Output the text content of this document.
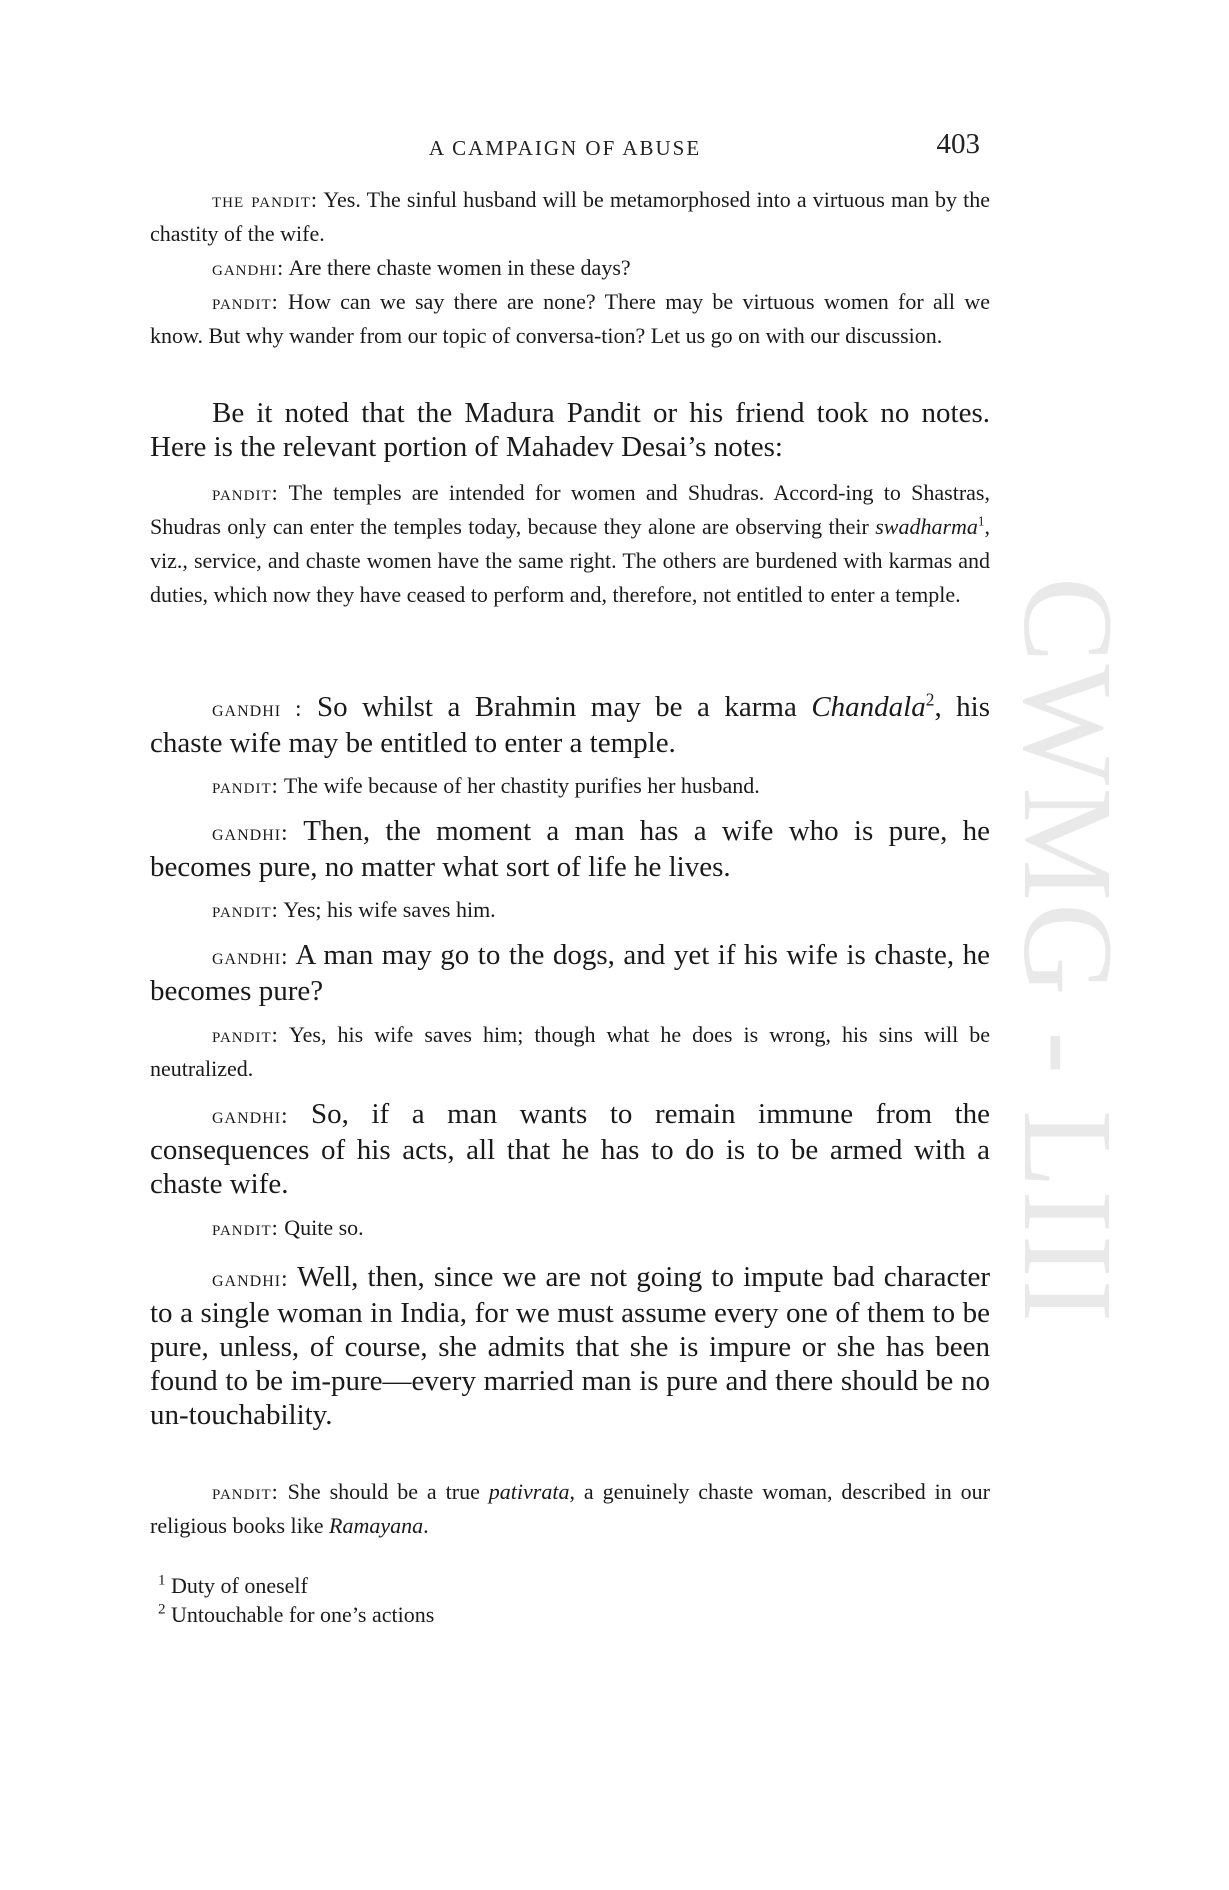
A CAMPAIGN OF ABUSE	403
CWMG - LIII

the pandit: Yes. The sinful husband will be metamorphosed into a virtuous man by the chastity of the wife.

gandhi: Are there chaste women in these days?

pandit: How can we say there are none? There may be virtuous women for all we know. But why wander from our topic of conversa-tion? Let us go on with our discussion.

Be it noted that the Madura Pandit or his friend took no notes. Here is the relevant portion of Mahadev Desai’s notes:

pandit: The temples are intended for women and Shudras. Accord-ing to Shastras, Shudras only can enter the temples today, because they alone are observing their swadharma$^1$, viz., service, and chaste women have the same right. The others are burdened with karmas and duties, which now they have ceased to perform and, therefore, not entitled to enter a temple.

gandhi : So whilst a Brahmin may be a karma Chandala$^2$, his chaste wife may be entitled to enter a temple.

pandit: The wife because of her chastity purifies her husband.

gandhi: Then, the moment a man has a wife who is pure, he becomes pure, no matter what sort of life he lives.

pandit: Yes; his wife saves him.

gandhi: A man may go to the dogs, and yet if his wife is chaste, he becomes pure?

pandit: Yes, his wife saves him; though what he does is wrong, his sins will be neutralized.

gandhi: So, if a man wants to remain immune from the consequences of his acts, all that he has to do is to be armed with a chaste wife.

pandit: Quite so.

gandhi: Well, then, since we are not going to impute bad character to a single woman in India, for we must assume every one of them to be pure, unless, of course, she admits that she is impure or she has been found to be im-pure—every married man is pure and there should be no un-touchability.

pandit: She should be a true pativrata, a genuinely chaste woman, described in our religious books like Ramayana.

$^1$ Duty of oneself
$^2$ Untouchable for one’s actions
